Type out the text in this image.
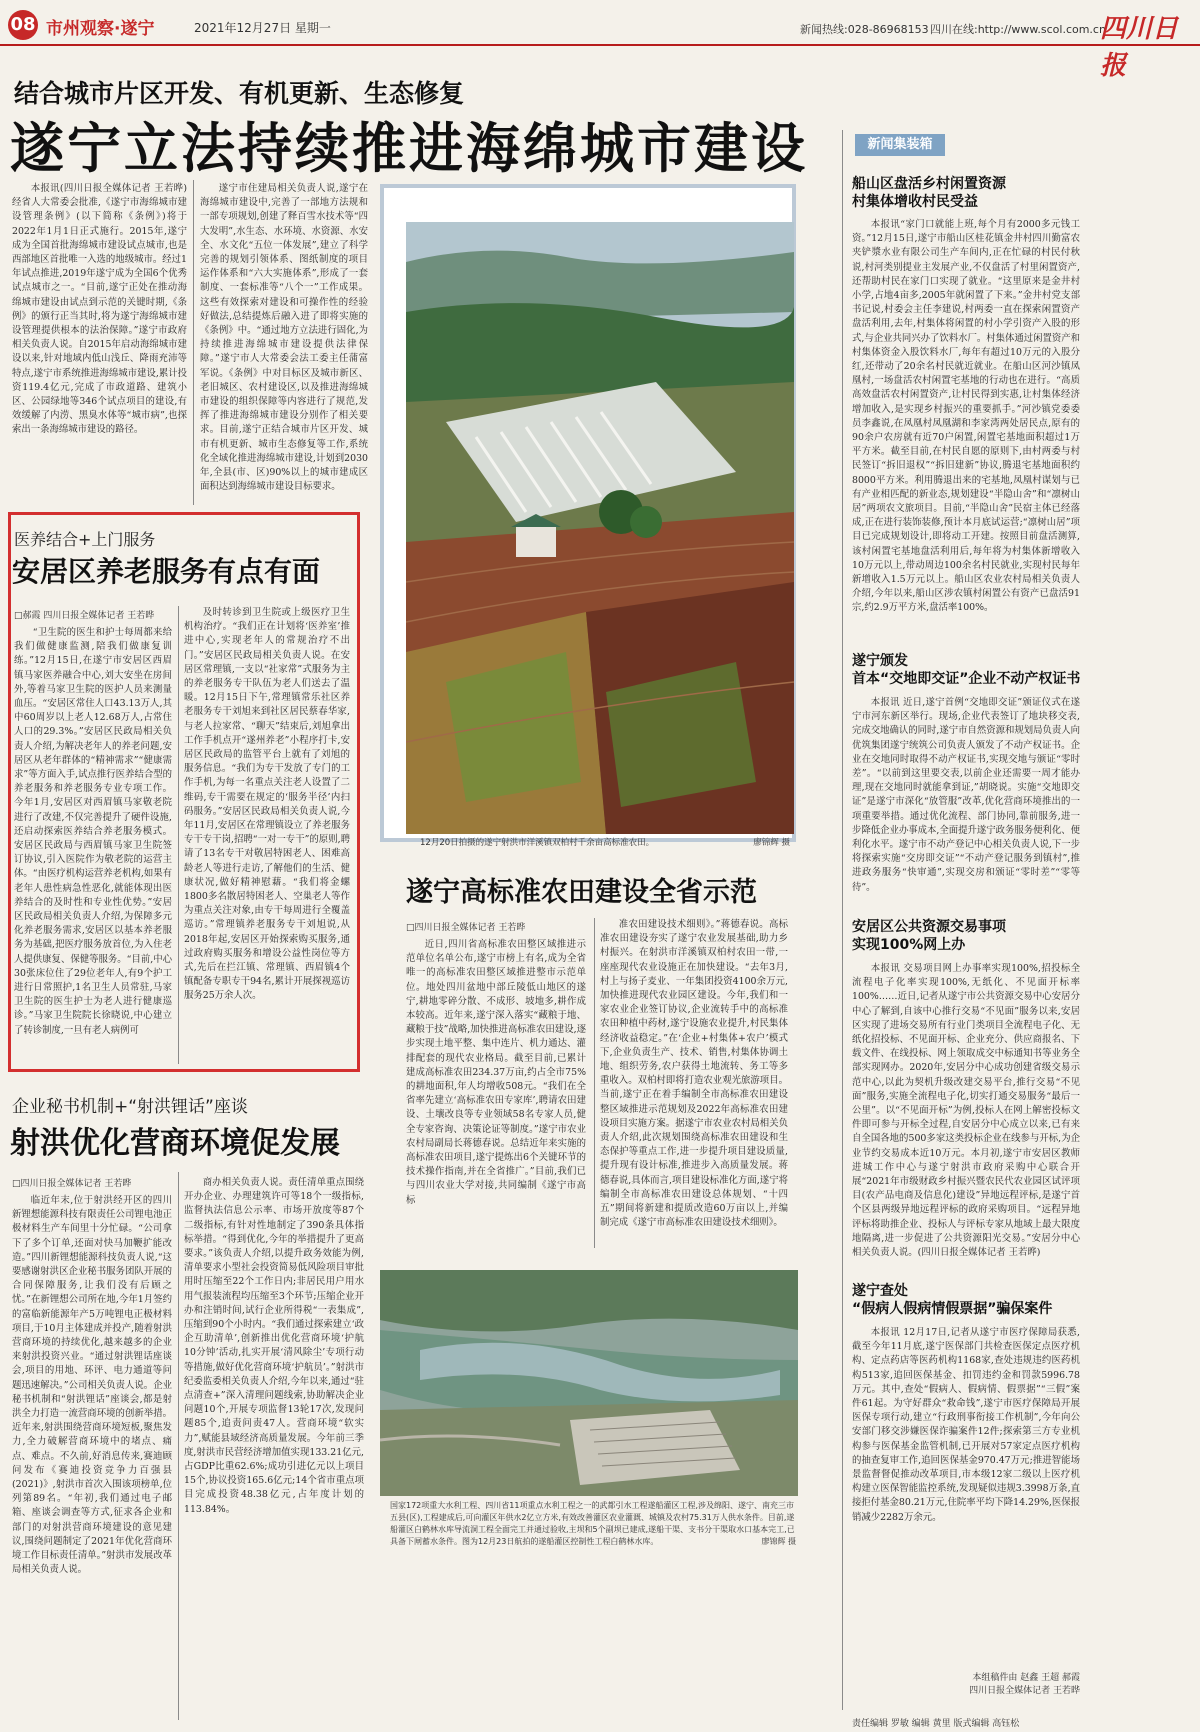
08 市州观察·遂宁	2021年12月27日 星期一	新闻热线:028-86968153 四川在线:http://www.scol.com.cn
四川日报
结合城市片区开发、有机更新、生态修复
遂宁立法持续推进海绵城市建设

本报讯(四川日报全媒体记者 王若晔)经省人大常委会批准,《遂宁市海绵城市建设管理条例》(以下简称《条例》)将于2022年1月1日正式施行。2015年,遂宁成为全国首批海绵城市建设试点城市,也是西部地区首批唯一入选的地级城市。经过1年试点推进,2019年遂宁成为全国6个优秀试点城市之一。“目前,遂宁正处在推动海绵城市建设由试点到示范的关键时期,《条例》的颁行正当其时,将为遂宁海绵城市建设管理提供根本的法治保障。”遂宁市政府相关负责人说。自2015年启动海绵城市建设以来,针对地域内低山浅丘、降雨充沛等特点,遂宁市系统推进海绵城市建设,累计投资119.4亿元,完成了市政道路、建筑小区、公园绿地等346个试点项目的建设,有效缓解了内涝、黑臭水体等“城市病”,也探索出一条海绵城市建设的路径。

遂宁市住建局相关负责人说,遂宁在海绵城市建设中,完善了一部地方法规和一部专项规划,创建了释百雪水技术等“四大发明”,水生态、水环境、水资源、水安全、水文化“五位一体发展”,建立了科学完善的规划引领体系、图纸制度的项目运作体系和“六大实施体系”,形成了一套制度、一套标准等“八个一”工作成果。这些有效探索对建设和可操作性的经验好做法,总结提炼后融入进了即将实施的《条例》中。“通过地方立法进行固化,为持续推进海绵城市建设提供法律保障。”遂宁市人大常委会法工委主任蒲富军说。《条例》中对目标区及城市新区、老旧城区、农村建设区,以及推进海绵城市建设的组织保障等内容进行了规范,发挥了推进海绵城市建设分别作了相关要求。目前,遂宁正结合城市片区开发、城市有机更新、城市生态修复等工作,系统化全域化推进海绵城市建设,计划到2030年,全县(市、区)90%以上的城市建成区面积达到海绵城市建设目标要求。

医养结合+上门服务
安居区养老服务有点有面
□郝霞 四川日报全媒体记者 王若晔

“卫生院的医生和护士每周都来给我们做健康监测,陪我们做康复训练。”12月15日,在遂宁市安居区西眉镇马家医养融合中心,刘大安坐在房间外,等着马家卫生院的医护人员来测量血压。“安居区常住人口43.13万人,其中60周岁以上老人12.68万人,占常住人口的29.3%。”安居区民政局相关负责人介绍,为解决老年人的养老问题,安居区从老年群体的“精神需求”“健康需求”等方面入手,试点推行医养结合型的养老服务和养老服务专业专项工作。今年1月,安居区对西眉镇马家敬老院进行了改建,不仅完善提升了硬件设施,还启动探索医养结合养老服务模式。安居区民政局与西眉镇马家卫生院签订协议,引入医院作为敬老院的运营主体。“由医疗机构运营养老机构,如果有老年人患性病急性恶化,就能体现出医养结合的及时性和专业性优势。”安居区民政局相关负责人介绍,为保障多元化养老服务需求,安居区以基本养老服务为基础,把医疗服务放首位,为入住老人提供康复、保健等服务。“目前,中心30张床位住了29位老年人,有9个护工进行日常照护,1名卫生人员常驻,马家卫生院的医生护士为老人进行健康巡诊。”马家卫生院院长徐晓说,中心建立了转诊制度,一旦有老人病例可

及时转诊到卫生院或上级医疗卫生机构治疗。“我们正在计划将‘医养室’推进中心,实现老年人的常规治疗不出门。”安居区民政局相关负责人说。在安居区常理镇,一支以“社家常”式服务为主的养老服务专干队伍为老人们送去了温暖。12月15日下午,常理镇常乐社区养老服务专干刘旭来到社区居民蔡春华家,与老人拉家常、“聊天”结束后,刘旭拿出工作手机点开“遂州养老”小程序打卡,安居区民政局的监管平台上就有了刘旭的服务信息。“我们为专干发放了专门的工作手机,为每一名重点关注老人设置了二维码,专干需要在规定的‘服务半径’内扫码服务。”安居区民政局相关负责人说,今年11月,安居区在常理镇设立了养老服务专干专干岗,招聘“一对一专干”的原则,聘请了13名专干对敬居特困老人、困难高龄老人等进行走访,了解他们的生活、健康状况,做好精神慰藉。“我们将金螺1800多名散居特困老人、空巢老人等作为重点关注对象,由专干每周进行全覆盖巡访。”常理镇养老服务专干刘旭说,从2018年起,安居区开始探索购买服务,通过政府购买服务和增设公益性岗位等方式,先后在拦江镇、常理镇、西眉镇4个镇配备专职专干94名,累计开展探视巡访服务25万余人次。

12月20日拍摄的遂宁射洪市洋溪镇双柏村千余亩高标准农田。	廖锦辉 摄
遂宁高标准农田建设全省示范
□四川日报全媒体记者 王若晔

近日,四川省高标准农田整区域推进示范单位名单公布,遂宁市榜上有名,成为全省唯一的高标准农田整区域推进整市示范单位。地处四川盆地中部丘陵低山地区的遂宁,耕地零碎分散、不成形、坡地多,耕作成本较高。近年来,遂宁深入落实“藏粮于地、藏粮于技”战略,加快推进高标准农田建设,逐步实现土地平整、集中连片、机力通达、灌排配套的现代农业格局。截至目前,已累计建成高标准农田234.37万亩,约占全市75%的耕地面积,年人均增收508元。“我们在全省率先建立‘高标准农田专家库’,聘请农田建设、土壤改良等专业领域58名专家人员,健全专家咨询、决策论证等制度。”遂宁市农业农村局副局长蒋德春说。总结近年来实施的高标准农田项目,遂宁提炼出6个关键环节的技术操作指南,并在全省推广。”目前,我们已与四川农业大学对接,共同编制《遂宁市高标

准农田建设技术细则》。”蒋德春说。高标准农田建设夯实了遂宁农业发展基础,助力乡村振兴。在射洪市洋溪镇双柏村农田一带,一座座现代农业设施正在加快建设。“去年3月,村上与扬子麦业、一年集团投资4100余万元,加快推进现代农业园区建设。今年,我们和一家农业企业签订协议,企业流转手中的高标准农田种植中药材,遂宁设施农业提升,村民集体经济收益稳定。”在‘企业+村集体+农户’模式下,企业负责生产、技术、销售,村集体协调土地、组织劳务,农户获得土地流转、务工等多重收入。双柏村即将打造农业观光旅游项目。当前,遂宁正在着手编制全市高标准农田建设整区域推进示范规划及2022年高标准农田建设项目实施方案。据遂宁市农业农村局相关负责人介绍,此次规划围绕高标准农田建设和生态保护等重点工作,进一步提升项目建设质量,提升现有设计标准,推进步入高质量发展。蒋德春说,具体而言,项目建设标准化方面,遂宁将编制全市高标准农田建设总体规划、“十四五”期间将新建和提质改造60万亩以上,并编制完成《遂宁市高标准农田建设技术细则》。

企业秘书机制+“射洪锂话”座谈
射洪优化营商环境促发展
□四川日报全媒体记者 王若晔

临近年末,位于射洪经开区的四川新锂想能源科技有限责任公司锂电池正极材料生产车间里十分忙碌。“公司拿下了多个订单,还面对快马加鞭扩能改造。”四川新锂想能源科技负责人说,“这要感谢射洪区企业秘书服务团队开展的合同保障服务,让我们没有后顾之忧。”在新锂想公司所在地,今年1月签约的富临新能源年产5万吨锂电正极材料项目,于10月主体建成并投产,随着射洪营商环境的持续优化,越来越多的企业来射洪投资兴业。“通过射洪锂话座谈会,项目的用地、环评、电力通道等问题迅速解决。”公司相关负责人说。企业秘书机制和“射洪锂话”座谈会,都是射洪全力打造一流营商环境的创新举措。近年来,射洪围绕营商环境短板,聚焦发力,全力破解营商环境中的堵点、痛点、难点。不久前,好消息传来,赛迪顾问发布《赛迪投资竞争力百强县(2021)》,射洪市首次入围该项榜单,位列第89名。“年初,我们通过电子邮箱、座谈会调查等方式,征求各企业和部门的对射洪营商环境建设的意见建议,围绕问题制定了2021年优化营商环境工作目标责任清单。”射洪市发展改革局相关负责人说。

商办相关负责人说。责任清单重点围绕开办企业、办理建筑许可等18个一级指标,监督执法信息公示率、市场开放度等87个二级指标,有针对性地制定了390条具体指标举措。“得到优化,今年的举措提升了更高要求。”该负责人介绍,以提升政务效能为例,清单要求小型社会投资简易低风险项目审批用时压缩至22个工作日内;非居民用户用水用气报装流程均压缩至3个环节;压缩企业开办和注销时间,试行企业所得税“一表集成”,压缩到90个小时内。“我们通过探索建立‘政企互助清单’,创新推出优化营商环境‘护航10分钟’活动,扎实开展‘清风除尘’专项行动等措施,做好优化营商环境‘护航员’。”射洪市纪委监委相关负责人介绍,今年以来,通过“驻点清查+”深入清理问题线索,协助解决企业问题10个,开展专项监督13轮17次,发现问题85个,追责问责47人。营商环境“软实力”,赋能县域经济高质量发展。今年前三季度,射洪市民营经济增加值实现133.21亿元,占GDP比重62.6%;成功引进亿元以上项目15个,协议投资165.6亿元;14个省市重点项目完成投资48.38亿元,占年度计划的113.84%。	国家172项重大水利工程、四川省11项重点水利工程之一的武都引水工程遂船灌区工程,涉及绵阳、遂宁、南充三市五县(区),工程建成后,可向灌区年供水2亿立方米,有效改善灌区农业灌溉、城镇及农村75.31万人供水条件。目前,遂船灌区白鹤林水库导流洞工程全面完工并通过验收,主坝和5个副坝已建成,遂船干渠、支书分干渠取水口基本完工,已具备下闸蓄水条件。图为12月23日航拍的遂船灌区控制性工程白鹤林水库。	廖锦辉 摄
新闻集装箱
船山区盘活乡村闲置资源
村集体增收村民受益

本报讯“家门口就能上班,每个月有2000多元钱工资。”12月15日,遂宁市船山区桂花镇金井村四川勤富农夹铲漿水业有限公司生产车间内,正在忙碌的村民付秋说,村河类别提业主发展产业,不仅盘活了村里闲置资产,还帮助村民在家门口实现了就业。“这里原来是金井村小学,占地4亩多,2005年就闲置了下来。”金井村党支部书记说,村委会主任李建说,村两委一直在探索闲置资产盘活利用,去年,村集体将闲置的村小学引资产入股的形式,与企业共同兴办了饮料水厂。村集体通过闲置资产和村集体资金入股饮料水厂,每年有超过10万元的入股分红,还带动了20余名村民就近就业。在船山区河沙镇凤凰村,一场盘活农村闲置宅基地的行动也在进行。“高质高效盘活农村闲置资产,让村民得到实惠,让村集体经济增加收入,是实现乡村振兴的重要抓手。”河沙镇党委委员李鑫说,在凤凰村凤凰湖和李家湾两处居民点,原有的90余户农房就有近70户闲置,闲置宅基地面积超过1万平方米。截至目前,在村民自愿的原则下,由村两委与村民签订“拆旧退权”“拆旧建新”协议,腾退宅基地面积约8000平方米。利用腾退出来的宅基地,凤凰村谋划与已有产业相匹配的新业态,规划建设“半隐山舍”和“凛树山居”两项农文旅项目。目前,“半隐山舍”民宿主体已经落成,正在进行装饰装修,预计本月底试运营;“凛树山居”项目已完成规划设计,即将动工开建。按照目前盘活测算,该村闲置宅基地盘活利用后,每年将为村集体新增收入10万元以上,带动周边100余名村民就业,实现村民每年新增收入1.5万元以上。船山区农业农村局相关负责人介绍,今年以来,船山区涉农镇村闲置公有资产已盘活91宗,约2.9万平方米,盘活率100%。

遂宁颁发
首本“交地即交证”企业不动产权证书

本报讯 近日,遂宁首例“交地即交证”颁证仪式在遂宁市河东新区举行。现场,企业代表签订了地块移交表,完成交地确认的同时,遂宁市自然资源和规划局负责人向优筑集团遂宁统筑公司负责人颁发了不动产权证书。企业在交地同时取得不动产权证书,实现交地与颁证“零时差”。“以前到这里要交表,以前企业还需要一周才能办理,现在交地同时就能拿到证,”胡晓说。实施“交地即交证”是遂宁市深化“放管服”改革,优化营商环境推出的一项重要举措。通过优化流程、部门协同,靠前服务,进一步降低企业办事成本,全面提升遂宁政务服务便利化、便利化水平。遂宁市不动产登记中心相关负责人说,下一步将探索实施“交房即交证”“不动产登记服务到镇村”,推进政务服务“快审通”,实现交房和颁证“零时差”“零等待”。

安居区公共资源交易事项
实现100%网上办

本报讯 交易项目网上办事率实现100%,招投标全流程电子化率实现100%,无纸化、不见面开标率100%……近日,记者从遂宁市公共资源交易中心安居分中心了解到,自该中心推行交易“不见面”服务以来,安居区实现了进场交易所有行业门类项目全流程电子化、无纸化招投标、不见面开标、企业充分、供应商报名、下载文件、在线投标、网上领取成交中标通知书等业务全部实现网办。2020年,安居分中心成功创建省级交易示范中心,以此为契机升级改建交易平台,推行交易“不见面”服务,实施全流程电子化,切实打通交易服务“最后一公里”。以“不见面开标”为例,投标人在网上解密投标文件即可参与开标全过程,自安居分中心成立以来,已有来自全国各地的500多家这类投标企业在线参与开标,为企业节约交易成本近10万元。本月初,遂宁市安居区教师进城工作中心与遂宁射洪市政府采购中心联合开展“2021年市级财政乡村振兴暨农民代农业园区试评项目(农产品电商及信息化)建设”异地远程评标,是遂宁首个区县两级异地远程评标的政府采购项目。“远程异地评标将助推企业、投标人与评标专家从地域上最大限度地隔离,进一步促进了公共资源阳光交易。”安居分中心相关负责人说。(四川日报全媒体记者 王若晔)

遂宁查处
“假病人假病情假票据”骗保案件

本报讯 12月17日,记者从遂宁市医疗保障局获悉,截至今年11月底,遂宁医保部门共检查医保定点医疗机构、定点药店等医药机构1168家,查处违规违约医药机构513家,追回医保基金、扣罚违约金和罚款5996.78万元。其中,查处“假病人、假病情、假票据”“三假”案件61起。为守好群众“救命钱”,遂宁市医疗保障局开展医保专项行动,建立“行政刑事衔接工作机制”,今年向公安部门移交涉嫌医保诈骗案件12件;探索第三方专业机构参与医保基金监管机制,已开展对57家定点医疗机构的抽查复审工作,追回医保基金970.47万元;推进智能场景监督督促推动改革项目,市本级12家二级以上医疗机构建立医保智能监控系统,发现疑似违规3.3998万条,直接拒付基金80.21万元,住院率平均下降14.29%,医保报销减少2282万余元。

本组稿件由 赵鑫 王超 郝霞
四川日报全媒体记者 王若晔
责任编辑 罗敏 编辑 黄里 版式编辑 高钰松
